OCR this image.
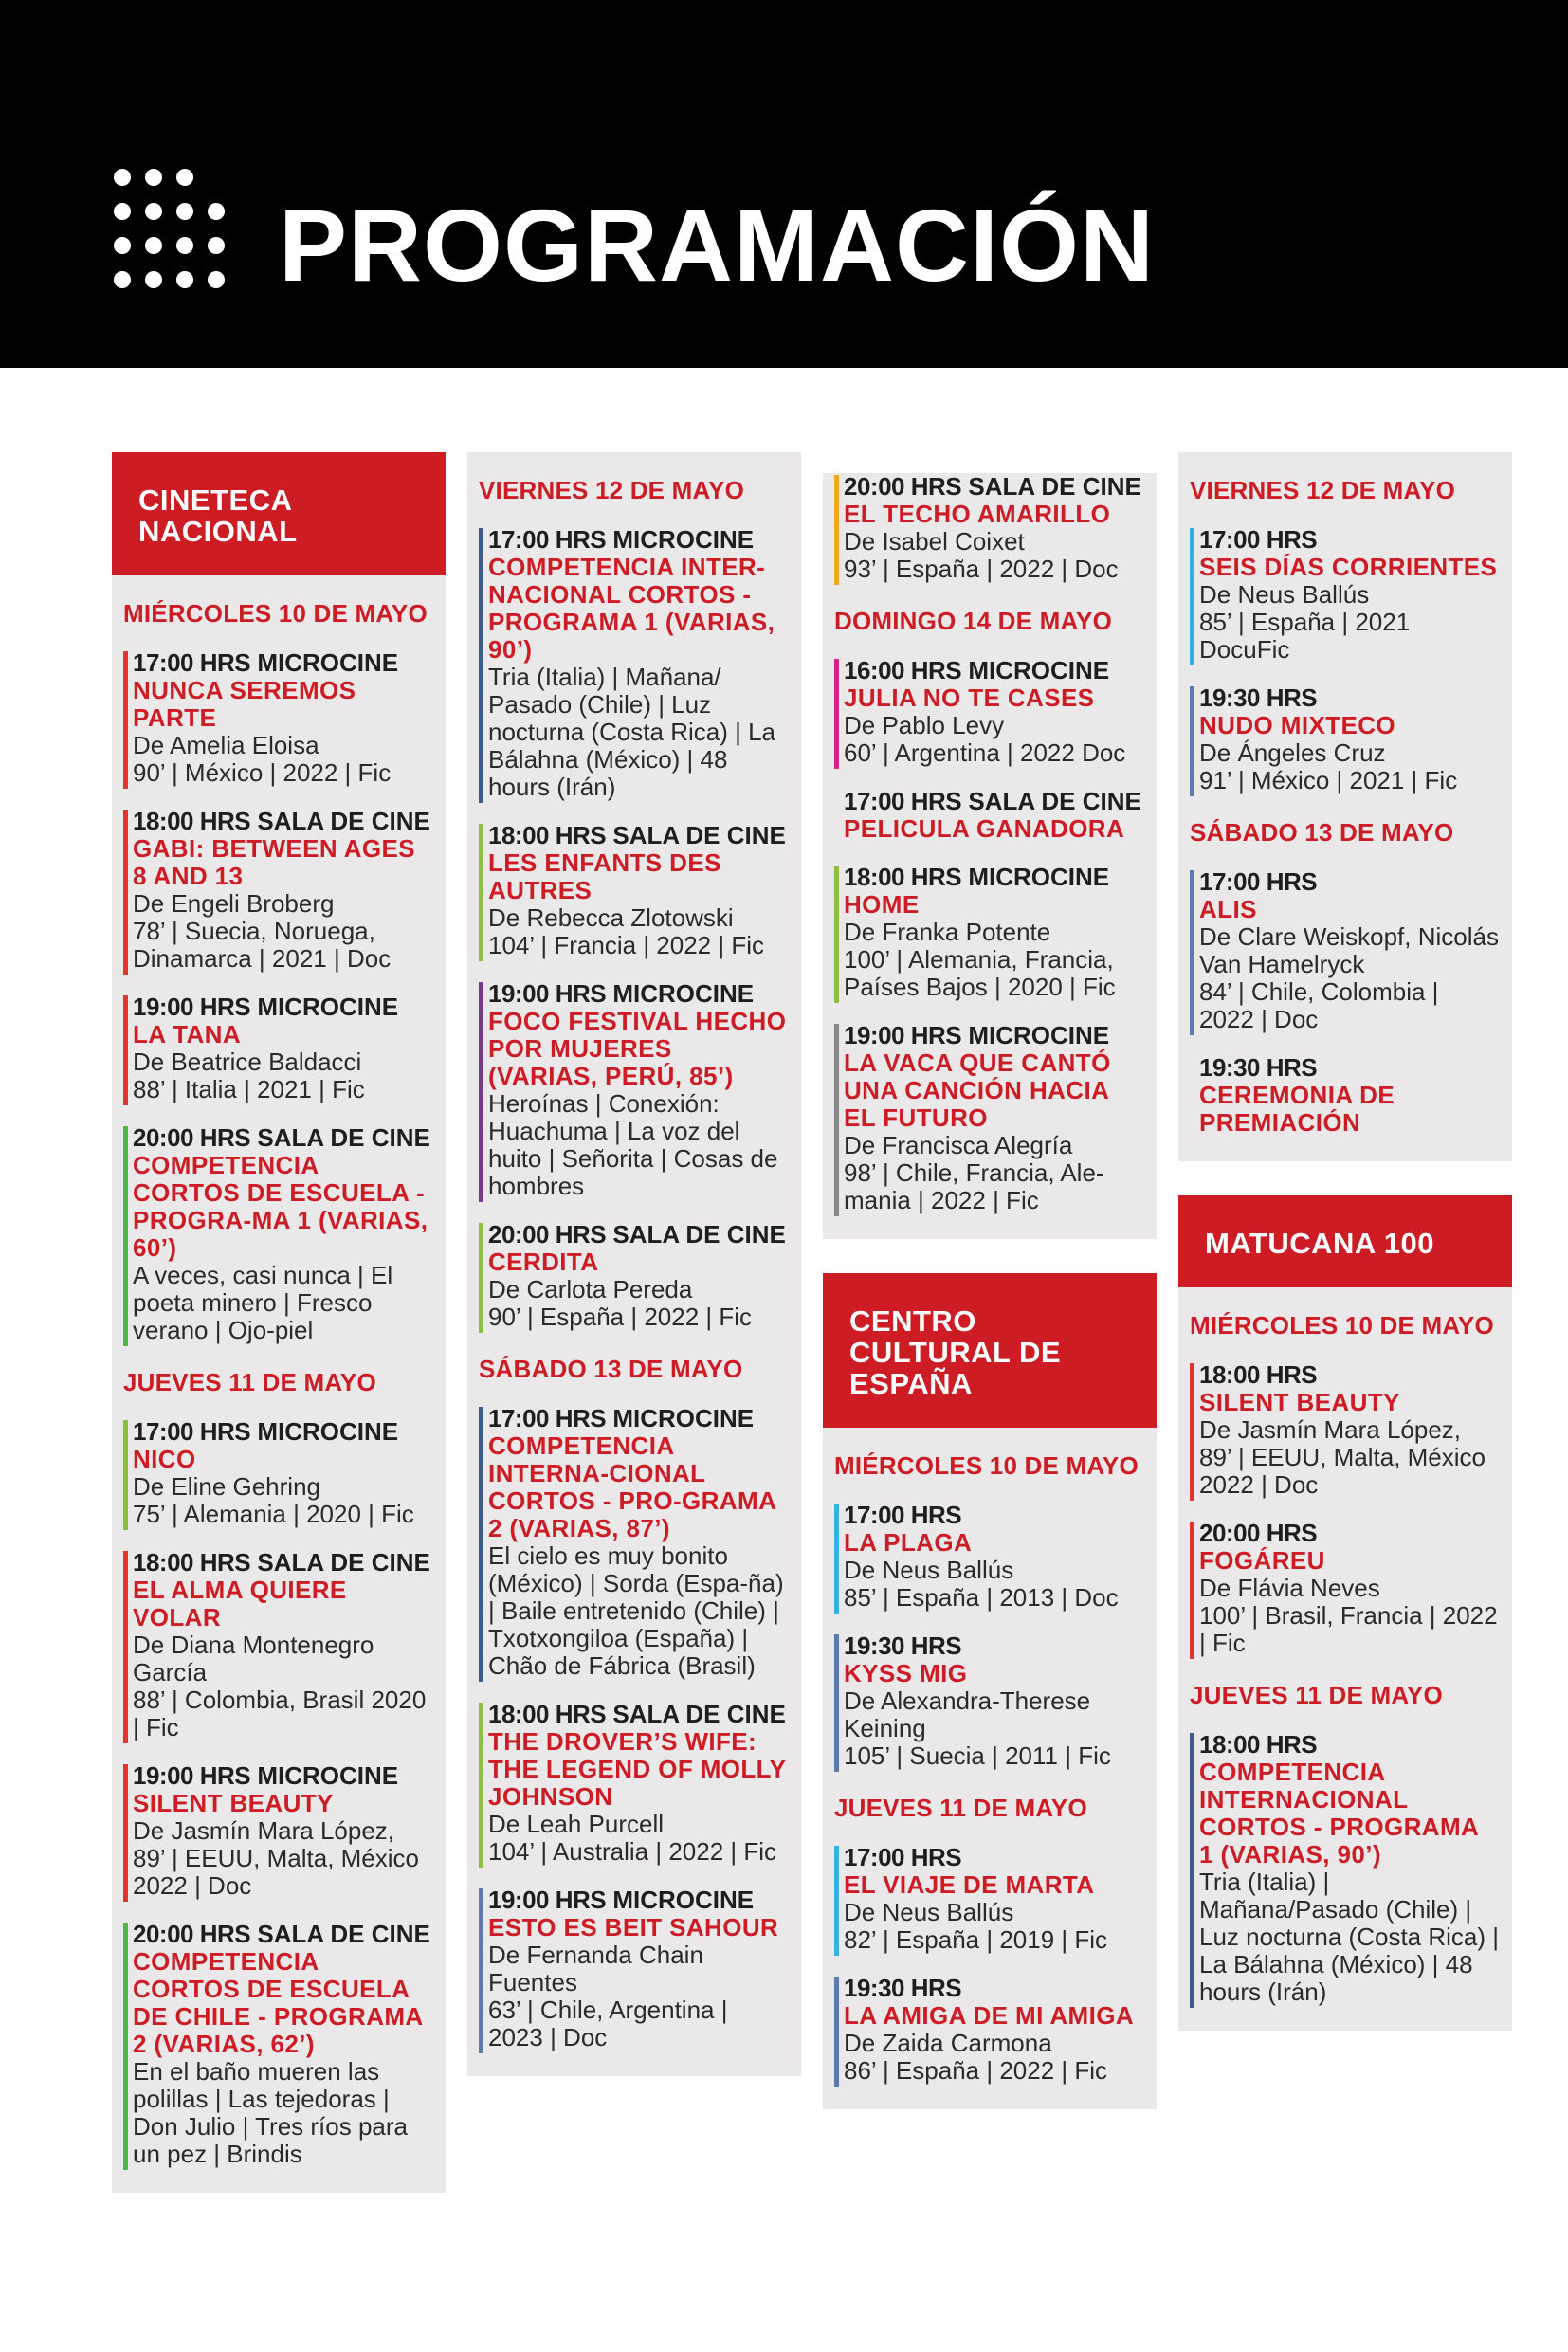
PROGRAMACIÓN
CINETECA NACIONAL
MIÉRCOLES 10 DE MAYO
17:00 HRS MICROCINE
NUNCA SEREMOS PARTE
De Amelia Eloisa
90’ | México | 2022 | Fic
18:00 HRS SALA DE CINE
GABI: BETWEEN AGES 8 AND 13
De Engeli Broberg
78’ | Suecia, Noruega, Dinamarca | 2021 | Doc
19:00 HRS MICROCINE
LA TANA
De Beatrice Baldacci
88’ | Italia | 2021 | Fic
20:00 HRS SALA DE CINE
COMPETENCIA CORTOS DE ESCUELA - PROGRA-MA 1 (VARIAS, 60’)
A veces, casi nunca | El poeta minero | Fresco verano | Ojo-piel
JUEVES 11 DE MAYO
17:00 HRS MICROCINE
NICO
De Eline Gehring
75’ | Alemania | 2020 | Fic
18:00 HRS SALA DE CINE
EL ALMA QUIERE VOLAR
De Diana Montenegro García
88’ | Colombia, Brasil 2020 | Fic
19:00 HRS MICROCINE
SILENT BEAUTY
De Jasmín Mara López, 89’ | EEUU, Malta, México 2022 | Doc
20:00 HRS SALA DE CINE
COMPETENCIA CORTOS DE ESCUELA DE CHILE - PROGRAMA 2 (VARIAS, 62’)
En el baño mueren las polillas | Las tejedoras | Don Julio | Tres ríos para un pez | Brindis
VIERNES 12 DE MAYO
17:00 HRS MICROCINE
COMPETENCIA INTER-NACIONAL CORTOS - PROGRAMA 1 (VARIAS, 90’)
Tria (Italia) | Mañana/ Pasado (Chile) | Luz nocturna (Costa Rica) | La Bálahna (México) | 48 hours (Irán)
18:00 HRS SALA DE CINE
LES ENFANTS DES AUTRES
De Rebecca Zlotowski
104’ | Francia | 2022 | Fic
19:00 HRS MICROCINE
FOCO FESTIVAL HECHO POR MUJERES (VARIAS, PERÚ, 85’)
Heroínas | Conexión: Huachuma | La voz del huito | Señorita | Cosas de hombres
20:00 HRS SALA DE CINE
CERDITA
De Carlota Pereda
90’ | España | 2022 | Fic
SÁBADO 13 DE MAYO
17:00 HRS MICROCINE
COMPETENCIA INTERNA-CIONAL CORTOS - PRO-GRAMA 2 (VARIAS, 87’)
El cielo es muy bonito (México) | Sorda (Espa-ña) | Baile entretenido (Chile) | Txotxongiloa (España) | Chão de Fábrica (Brasil)
18:00 HRS SALA DE CINE
THE DROVER’S WIFE: THE LEGEND OF MOLLY JOHNSON
De Leah Purcell
104’ | Australia | 2022 | Fic
19:00 HRS MICROCINE
ESTO ES BEIT SAHOUR
De Fernanda Chain Fuentes
63’ | Chile, Argentina | 2023 | Doc
20:00 HRS SALA DE CINE
EL TECHO AMARILLO
De Isabel Coixet
93’ | España | 2022 | Doc
DOMINGO 14 DE MAYO
16:00 HRS MICROCINE
JULIA NO TE CASES
De Pablo Levy
60’ | Argentina | 2022 Doc
17:00 HRS SALA DE CINE
PELICULA GANADORA
18:00 HRS MICROCINE
HOME
De Franka Potente
100’ | Alemania, Francia, Países Bajos | 2020 | Fic
19:00 HRS MICROCINE
LA VACA QUE CANTÓ UNA CANCIÓN HACIA EL FUTURO
De Francisca Alegría
98’ | Chile, Francia, Ale-mania | 2022 | Fic
CENTRO CULTURAL DE ESPAÑA
MIÉRCOLES 10 DE MAYO
17:00 HRS
LA PLAGA
De Neus Ballús
85’ | España | 2013 | Doc
19:30 HRS
KYSS MIG
De Alexandra-Therese Keining
105’ | Suecia | 2011 | Fic
JUEVES 11 DE MAYO
17:00 HRS
EL VIAJE DE MARTA
De Neus Ballús
82’ | España | 2019 | Fic
19:30 HRS
LA AMIGA DE MI AMIGA
De Zaida Carmona
86’ | España | 2022 | Fic
VIERNES 12 DE MAYO
17:00 HRS
SEIS DÍAS CORRIENTES
De Neus Ballús
85’ | España | 2021 DocuFic
19:30 HRS
NUDO MIXTECO
De Ángeles Cruz
91’ | México | 2021 | Fic
SÁBADO 13 DE MAYO
17:00 HRS
ALIS
De Clare Weiskopf, Nicolás Van Hamelryck
84’ | Chile, Colombia | 2022 | Doc
19:30 HRS
CEREMONIA DE PREMIACIÓN
MATUCANA 100
MIÉRCOLES 10 DE MAYO
18:00 HRS
SILENT BEAUTY
De Jasmín Mara López, 89’ | EEUU, Malta, México 2022 | Doc
20:00 HRS
FOGÁREU
De Flávia Neves
100’ | Brasil, Francia | 2022 | Fic
JUEVES 11 DE MAYO
18:00 HRS
COMPETENCIA INTERNACIONAL CORTOS - PROGRAMA 1 (VARIAS, 90’)
Tria (Italia) | Mañana/Pasado (Chile) | Luz nocturna (Costa Rica) | La Bálahna (México) | 48 hours (Irán)
